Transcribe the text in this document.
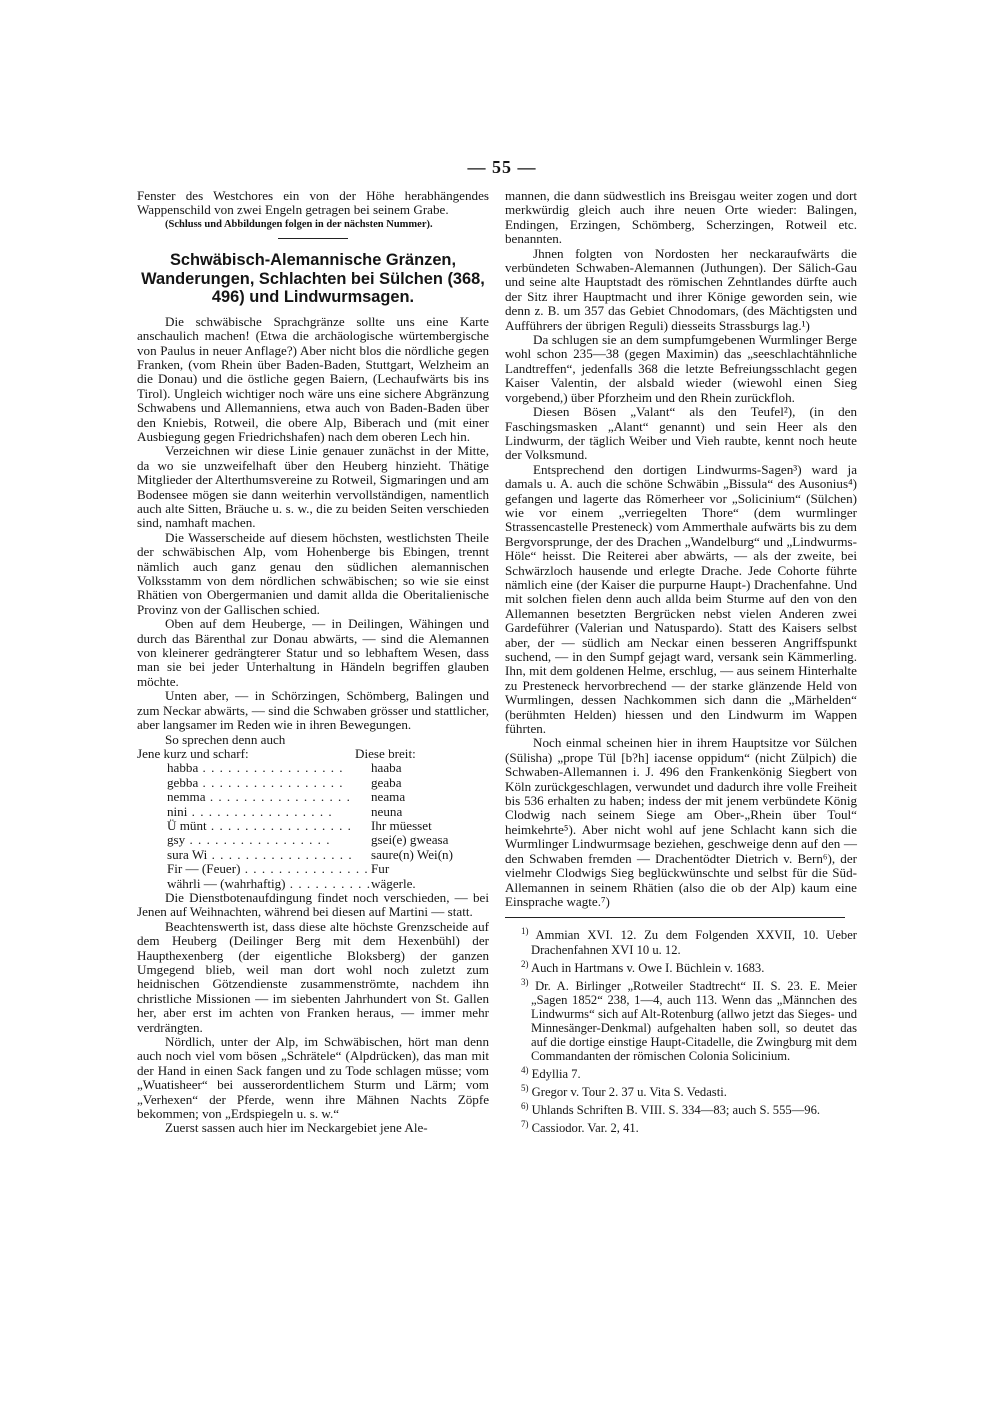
— 55 —

Fenster des Westchores ein von der Höhe herabhängendes Wappenschild von zwei Engeln getragen bei seinem Grabe.

(Schluss und Abbildungen folgen in der nächsten Nummer).

Schwäbisch-Alemannische Gränzen, Wanderungen, Schlachten bei Sülchen (368, 496) und Lindwurmsagen.

Die schwäbische Sprachgränze sollte uns eine Karte anschaulich machen! (Etwa die archäologische würtembergische von Paulus in neuer Anflage?) Aber nicht blos die nördliche gegen Franken, (vom Rhein über Baden-Baden, Stuttgart, Welzheim an die Donau) und die östliche gegen Baiern, (Lechaufwärts bis ins Tirol). Ungleich wichtiger noch wäre uns eine sichere Abgränzung Schwabens und Allemanniens, etwa auch von Baden-Baden über den Kniebis, Rotweil, die obere Alp, Biberach und (mit einer Ausbiegung gegen Friedrichshafen) nach dem oberen Lech hin.

Verzeichnen wir diese Linie genauer zunächst in der Mitte, da wo sie unzweifelhaft über den Heuberg hinzieht. Thätige Mitglieder der Alterthumsvereine zu Rotweil, Sigmaringen und am Bodensee mögen sie dann weiterhin vervollständigen, namentlich auch alte Sitten, Bräuche u. s. w., die zu beiden Seiten verschieden sind, namhaft machen.

Die Wasserscheide auf diesem höchsten, westlichsten Theile der schwäbischen Alp, vom Hohenberge bis Ebingen, trennt nämlich auch ganz genau den südlichen alemannischen Volksstamm von dem nördlichen schwäbischen; so wie sie einst Rhätien von Obergermanien und damit allda die Oberitalienische Provinz von der Gallischen schied.

Oben auf dem Heuberge, — in Deilingen, Wähingen und durch das Bärenthal zur Donau abwärts, — sind die Alemannen von kleinerer gedrängterer Statur und so lebhaftem Wesen, dass man sie bei jeder Unterhaltung in Händeln begriffen glauben möchte.

Unten aber, — in Schörzingen, Schömberg, Balingen und zum Neckar abwärts, — sind die Schwaben grösser und stattlicher, aber langsamer im Reden wie in ihren Bewegungen.

So sprechen denn auch

Jene kurz und scharf:	Diese breit:
habba . . .	haaba
gebba . . .	geaba
nemma . . .	neama
nini . . .	neuna
Ü münt . . .	Ihr müesset
gsy . . .	gsei(e) gweasa
sura Wi . . .	saure(n) Wei(n)
Fir — (Feuer) . . .	Fur
währli — (wahrhaftig) . . .	wägerle.

Die Dienstbotenaufdingung findet noch verschieden, — bei Jenen auf Weihnachten, während bei diesen auf Martini — statt.

Beachtenswerth ist, dass diese alte höchste Grenzscheide auf dem Heuberg (Deilinger Berg mit dem Hexenbühl) der Haupthexenberg (der eigentliche Bloksberg) der ganzen Umgegend blieb, weil man dort wohl noch zuletzt zum heidnischen Götzendienste zusammenströmte, nachdem ihn christliche Missionen — im siebenten Jahrhundert von St. Gallen her, aber erst im achten von Franken heraus, — immer mehr verdrängten.

Nördlich, unter der Alp, im Schwäbischen, hört man denn auch noch viel vom bösen „Schrätele“ (Alpdrücken), das man mit der Hand in einen Sack fangen und zu Tode schlagen müsse; vom „Wuatisheer“ bei ausserordentlichem Sturm und Lärm; vom „Verhexen“ der Pferde, wenn ihre Mähnen Nachts Zöpfe bekommen; von „Erdspiegeln u. s. w.“

Zuerst sassen auch hier im Neckargebiet jene Ale-

mannen, die dann südwestlich ins Breisgau weiter zogen und dort merkwürdig gleich auch ihre neuen Orte wieder: Balingen, Endingen, Erzingen, Schömberg, Scherzingen, Rotweil etc. benannten.

Jhnen folgten von Nordosten her neckaraufwärts die verbündeten Schwaben-Alemannen (Juthungen). Der Sälich-Gau und seine alte Hauptstadt des römischen Zehntlandes dürfte auch der Sitz ihrer Hauptmacht und ihrer Könige geworden sein, wie denn z. B. um 357 das Gebiet Chnodomars, (des Mächtigsten und Aufführers der übrigen Reguli) diesseits Strassburgs lag.¹)

Da schlugen sie an dem sumpfumgebenen Wurmlinger Berge wohl schon 235—38 (gegen Maximin) das „seeschlachtähnliche Landtreffen“, jedenfalls 368 die letzte Befreiungsschlacht gegen Kaiser Valentin, der alsbald wieder (wiewohl einen Sieg vorgebend,) über Pforzheim und den Rhein zurückfloh.

Diesen Bösen „Valant“ als den Teufel²), (in den Faschingsmasken „Alant“ genannt) und sein Heer als den Lindwurm, der täglich Weiber und Vieh raubte, kennt noch heute der Volksmund.

Entsprechend den dortigen Lindwurms-Sagen³) ward ja damals u. A. auch die schöne Schwäbin „Bissula“ des Ausonius⁴) gefangen und lagerte das Römerheer vor „Solicinium“ (Sülchen) wie vor einem „verriegelten Thore“ (dem wurmlinger Strassencastelle Presteneck) vom Ammerthale aufwärts bis zu dem Bergvorsprunge, der des Drachen „Wandelburg“ und „Lindwurms-Höle“ heisst. Die Reiterei aber abwärts, — als der zweite, bei Schwärzloch hausende und erlegte Drache. Jede Cohorte führte nämlich eine (der Kaiser die purpurne Haupt-) Drachenfahne. Und mit solchen fielen denn auch allda beim Sturme auf den von den Allemannen besetzten Bergrücken nebst vielen Anderen zwei Gardeführer (Valerian und Natuspardo). Statt des Kaisers selbst aber, der — südlich am Neckar einen besseren Angriffspunkt suchend, — in den Sumpf gejagt ward, versank sein Kämmerling. Ihn, mit dem goldenen Helme, erschlug, — aus seinem Hinterhalte zu Presteneck hervorbrechend — der starke glänzende Held von Wurmlingen, dessen Nachkommen sich dann die „Märhelden“ (berühmten Helden) hiessen und den Lindwurm im Wappen führten.

Noch einmal scheinen hier in ihrem Hauptsitze vor Sülchen (Sülisha) „prope Tül [b?h] iacense oppidum“ (nicht Zülpich) die Schwaben-Allemannen i. J. 496 den Frankenkönig Siegbert von Köln zurückgeschlagen, verwundet und dadurch ihre volle Freiheit bis 536 erhalten zu haben; indess der mit jenem verbündete König Clodwig nach seinem Siege am Ober-„Rhein über Toul“ heimkehrte⁵). Aber nicht wohl auf jene Schlacht kann sich die Wurmlinger Lindwurmsage beziehen, geschweige denn auf den — den Schwaben fremden — Drachentödter Dietrich v. Bern⁶), der vielmehr Clodwigs Sieg beglückwünschte und selbst für die Süd-Allemannen in seinem Rhätien (also die ob der Alp) kaum eine Einsprache wagte.⁷)

$^{1)}$ Ammian XVI. 12. Zu dem Folgenden XXVII, 10. Ueber Drachenfahnen XVI 10 u. 12.

$^{2)}$ Auch in Hartmans v. Owe I. Büchlein v. 1683.

$^{3)}$ Dr. A. Birlinger „Rotweiler Stadtrecht“ II. S. 23. E. Meier „Sagen 1852“ 238, 1—4, auch 113. Wenn das „Männchen des Lindwurms“ sich auf Alt-Rotenburg (allwo jetzt das Sieges- und Minnesänger-Denkmal) aufgehalten haben soll, so deutet das auf die dortige einstige Haupt-Citadelle, die Zwingburg mit dem Commandanten der römischen Colonia Solicinium.

$^{4)}$ Edyllia 7.

$^{5)}$ Gregor v. Tour 2. 37 u. Vita S. Vedasti.

$^{6)}$ Uhlands Schriften B. VIII. S. 334—83; auch S. 555—96.

$^{7)}$ Cassiodor. Var. 2, 41.
